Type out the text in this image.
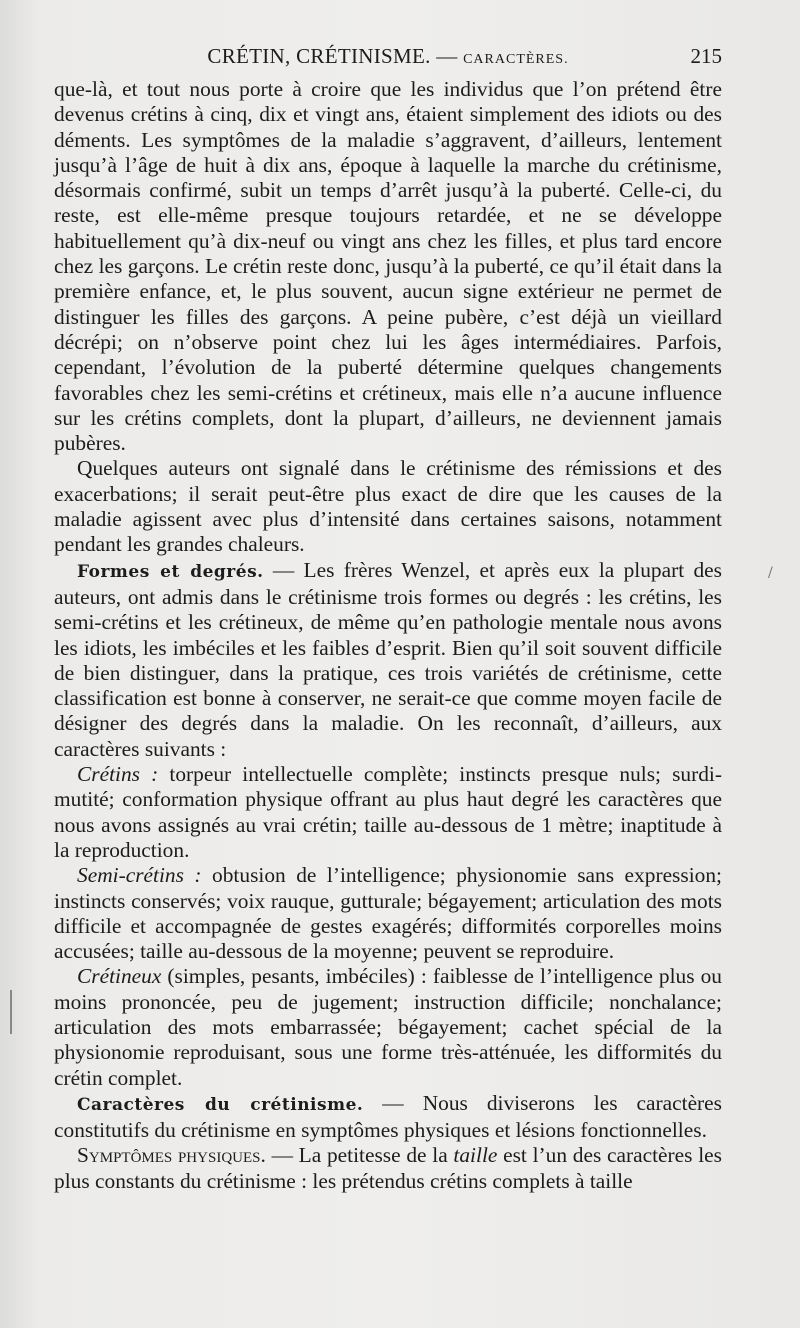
CRÉTIN, CRÉTINISME. — CARACTÈRES.	215

que-là, et tout nous porte à croire que les individus que l’on prétend être devenus crétins à cinq, dix et vingt ans, étaient simplement des idiots ou des déments. Les symptômes de la maladie s’aggravent, d’ailleurs, lentement jusqu’à l’âge de huit à dix ans, époque à laquelle la marche du crétinisme, désormais confirmé, subit un temps d’arrêt jusqu’à la puberté. Celle-ci, du reste, est elle-même presque toujours retardée, et ne se développe habituellement qu’à dix-neuf ou vingt ans chez les filles, et plus tard encore chez les garçons. Le crétin reste donc, jusqu’à la puberté, ce qu’il était dans la première enfance, et, le plus souvent, aucun signe extérieur ne permet de distinguer les filles des garçons. A peine pubère, c’est déjà un vieillard décrépi; on n’observe point chez lui les âges intermédiaires. Parfois, cependant, l’évolution de la puberté détermine quelques changements favorables chez les semi-crétins et crétineux, mais elle n’a aucune influence sur les crétins complets, dont la plupart, d’ailleurs, ne deviennent jamais pubères.

Quelques auteurs ont signalé dans le crétinisme des rémissions et des exacerbations; il serait peut-être plus exact de dire que les causes de la maladie agissent avec plus d’intensité dans certaines saisons, notamment pendant les grandes chaleurs.

Formes et degrés. — Les frères Wenzel, et après eux la plupart des auteurs, ont admis dans le crétinisme trois formes ou degrés : les crétins, les semi-crétins et les crétineux, de même qu’en pathologie mentale nous avons les idiots, les imbéciles et les faibles d’esprit. Bien qu’il soit souvent difficile de bien distinguer, dans la pratique, ces trois variétés de crétinisme, cette classification est bonne à conserver, ne serait-ce que comme moyen facile de désigner des degrés dans la maladie. On les reconnaît, d’ailleurs, aux caractères suivants :

Crétins : torpeur intellectuelle complète; instincts presque nuls; surdi-mutité; conformation physique offrant au plus haut degré les caractères que nous avons assignés au vrai crétin; taille au-dessous de 1 mètre; inaptitude à la reproduction.

Semi-crétins : obtusion de l’intelligence; physionomie sans expression; instincts conservés; voix rauque, gutturale; bégayement; articulation des mots difficile et accompagnée de gestes exagérés; difformités corporelles moins accusées; taille au-dessous de la moyenne; peuvent se reproduire.

Crétineux (simples, pesants, imbéciles) : faiblesse de l’intelligence plus ou moins prononcée, peu de jugement; instruction difficile; nonchalance; articulation des mots embarrassée; bégayement; cachet spécial de la physionomie reproduisant, sous une forme très-atténuée, les difformités du crétin complet.

Caractères du crétinisme. — Nous diviserons les caractères constitutifs du crétinisme en symptômes physiques et lésions fonctionnelles.

Symptômes physiques. — La petitesse de la taille est l’un des caractères les plus constants du crétinisme : les prétendus crétins complets à taille

/
